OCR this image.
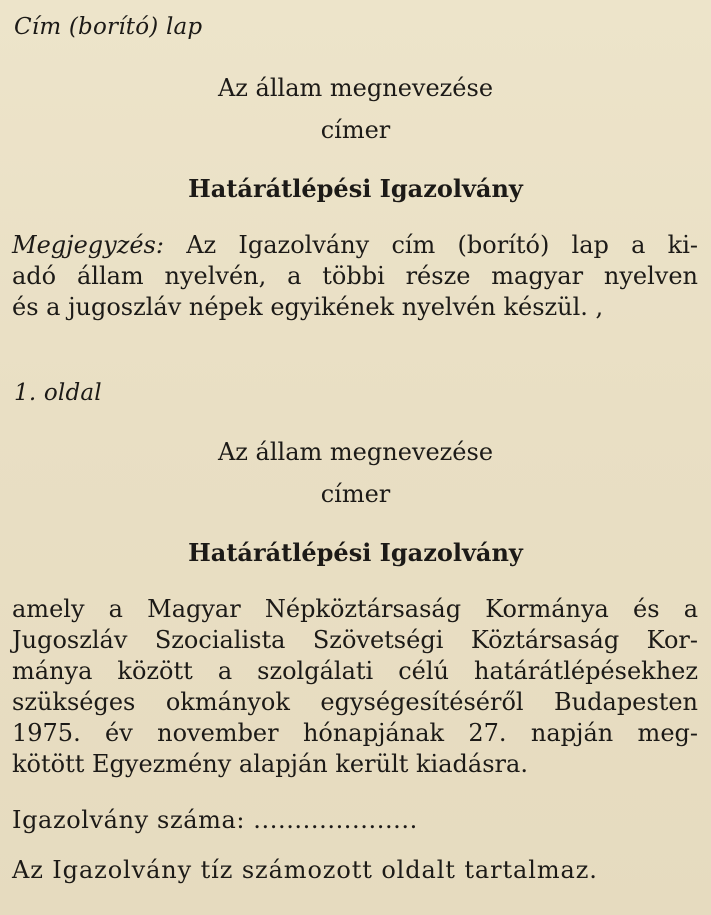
Cím (borító) lap
Az állam megnevezése
címer
Határátlépési Igazolvány
Megjegyzés: Az Igazolvány cím (borító) lap a ki-
adó állam nyelvén, a többi része magyar nyelven
és a jugoszláv népek egyikének nyelvén készül. ,
1. oldal
Az állam megnevezése
címer
Határátlépési Igazolvány
amely a Magyar Népköztársaság Kormánya és a
Jugoszláv Szocialista Szövetségi Köztársaság Kor-
mánya között a szolgálati célú határátlépésekhez
szükséges okmányok egységesítéséről Budapesten
1975. év november hónapjának 27. napján meg-
kötött Egyezmény alapján került kiadásra.
Igazolvány száma: ....................
Az Igazolvány tíz számozott oldalt tartalmaz.
